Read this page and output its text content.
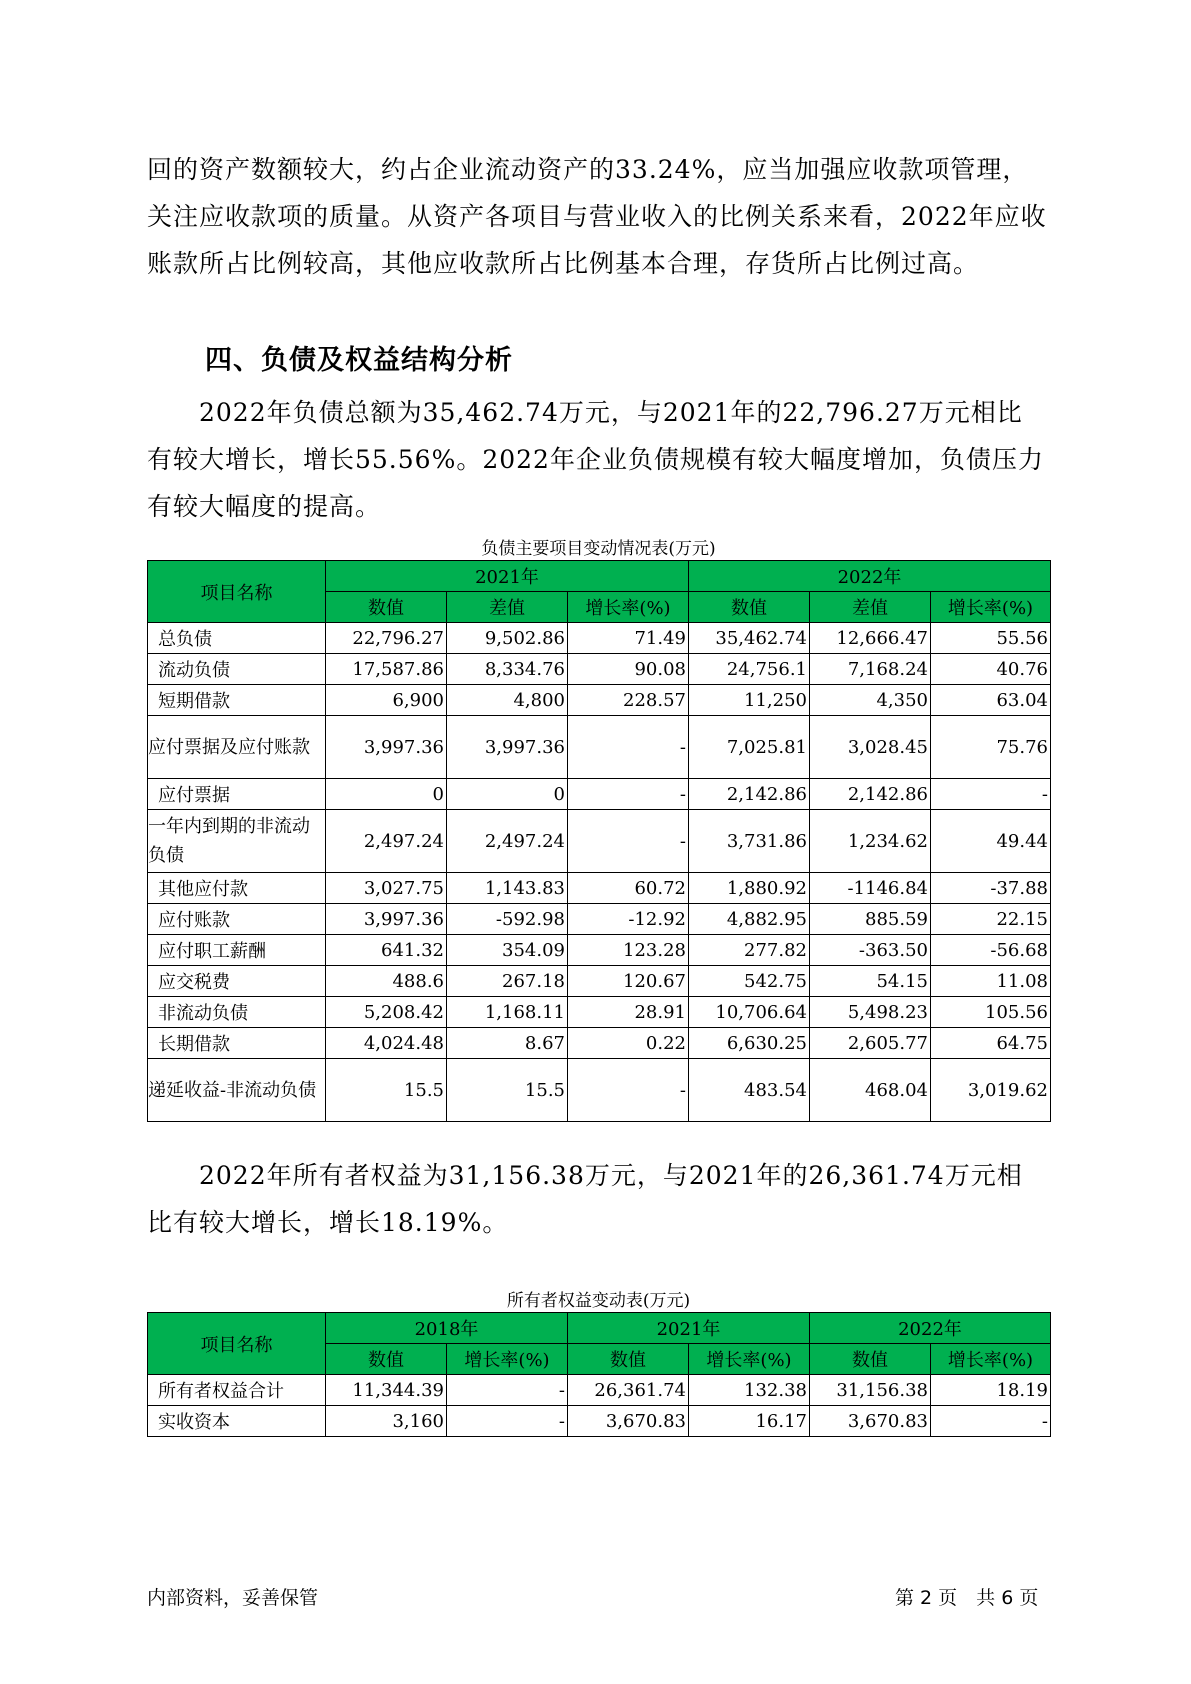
回的资产数额较大，约占企业流动资产的33.24%，应当加强应收款项管理，关注应收款项的质量。从资产各项目与营业收入的比例关系来看，2022年应收账款所占比例较高，其他应收款所占比例基本合理，存货所占比例过高。

四、负债及权益结构分析

2022年负债总额为35,462.74万元，与2021年的22,796.27万元相比有较大增长，增长55.56%。2022年企业负债规模有较大幅度增加，负债压力有较大幅度的提高。

负债主要项目变动情况表(万元)

项目名称	2021年			2022年		
	数值	差值	增长率(%)	数值	差值	增长率(%)
总负债	22,796.27	9,502.86	71.49	35,462.74	12,666.47	55.56
流动负债	17,587.86	8,334.76	90.08	24,756.1	7,168.24	40.76
短期借款	6,900	4,800	228.57	11,250	4,350	63.04
应付票据及应付账款	3,997.36	3,997.36	-	7,025.81	3,028.45	75.76
应付票据	0	0	-	2,142.86	2,142.86	-
一年内到期的非流动负债	2,497.24	2,497.24	-	3,731.86	1,234.62	49.44
其他应付款	3,027.75	1,143.83	60.72	1,880.92	-1146.84	-37.88
应付账款	3,997.36	-592.98	-12.92	4,882.95	885.59	22.15
应付职工薪酬	641.32	354.09	123.28	277.82	-363.50	-56.68
应交税费	488.6	267.18	120.67	542.75	54.15	11.08
非流动负债	5,208.42	1,168.11	28.91	10,706.64	5,498.23	105.56
长期借款	4,024.48	8.67	0.22	6,630.25	2,605.77	64.75
递延收益-非流动负债	15.5	15.5	-	483.54	468.04	3,019.62

2022年所有者权益为31,156.38万元，与2021年的26,361.74万元相比有较大增长，增长18.19%。

所有者权益变动表(万元)

项目名称	2018年		2021年		2022年	
	数值	增长率(%)	数值	增长率(%)	数值	增长率(%)
所有者权益合计	11,344.39	-	26,361.74	132.38	31,156.38	18.19
实收资本	3,160	-	3,670.83	16.17	3,670.83	-

内部资料，妥善保管	第 2 页　共 6 页
